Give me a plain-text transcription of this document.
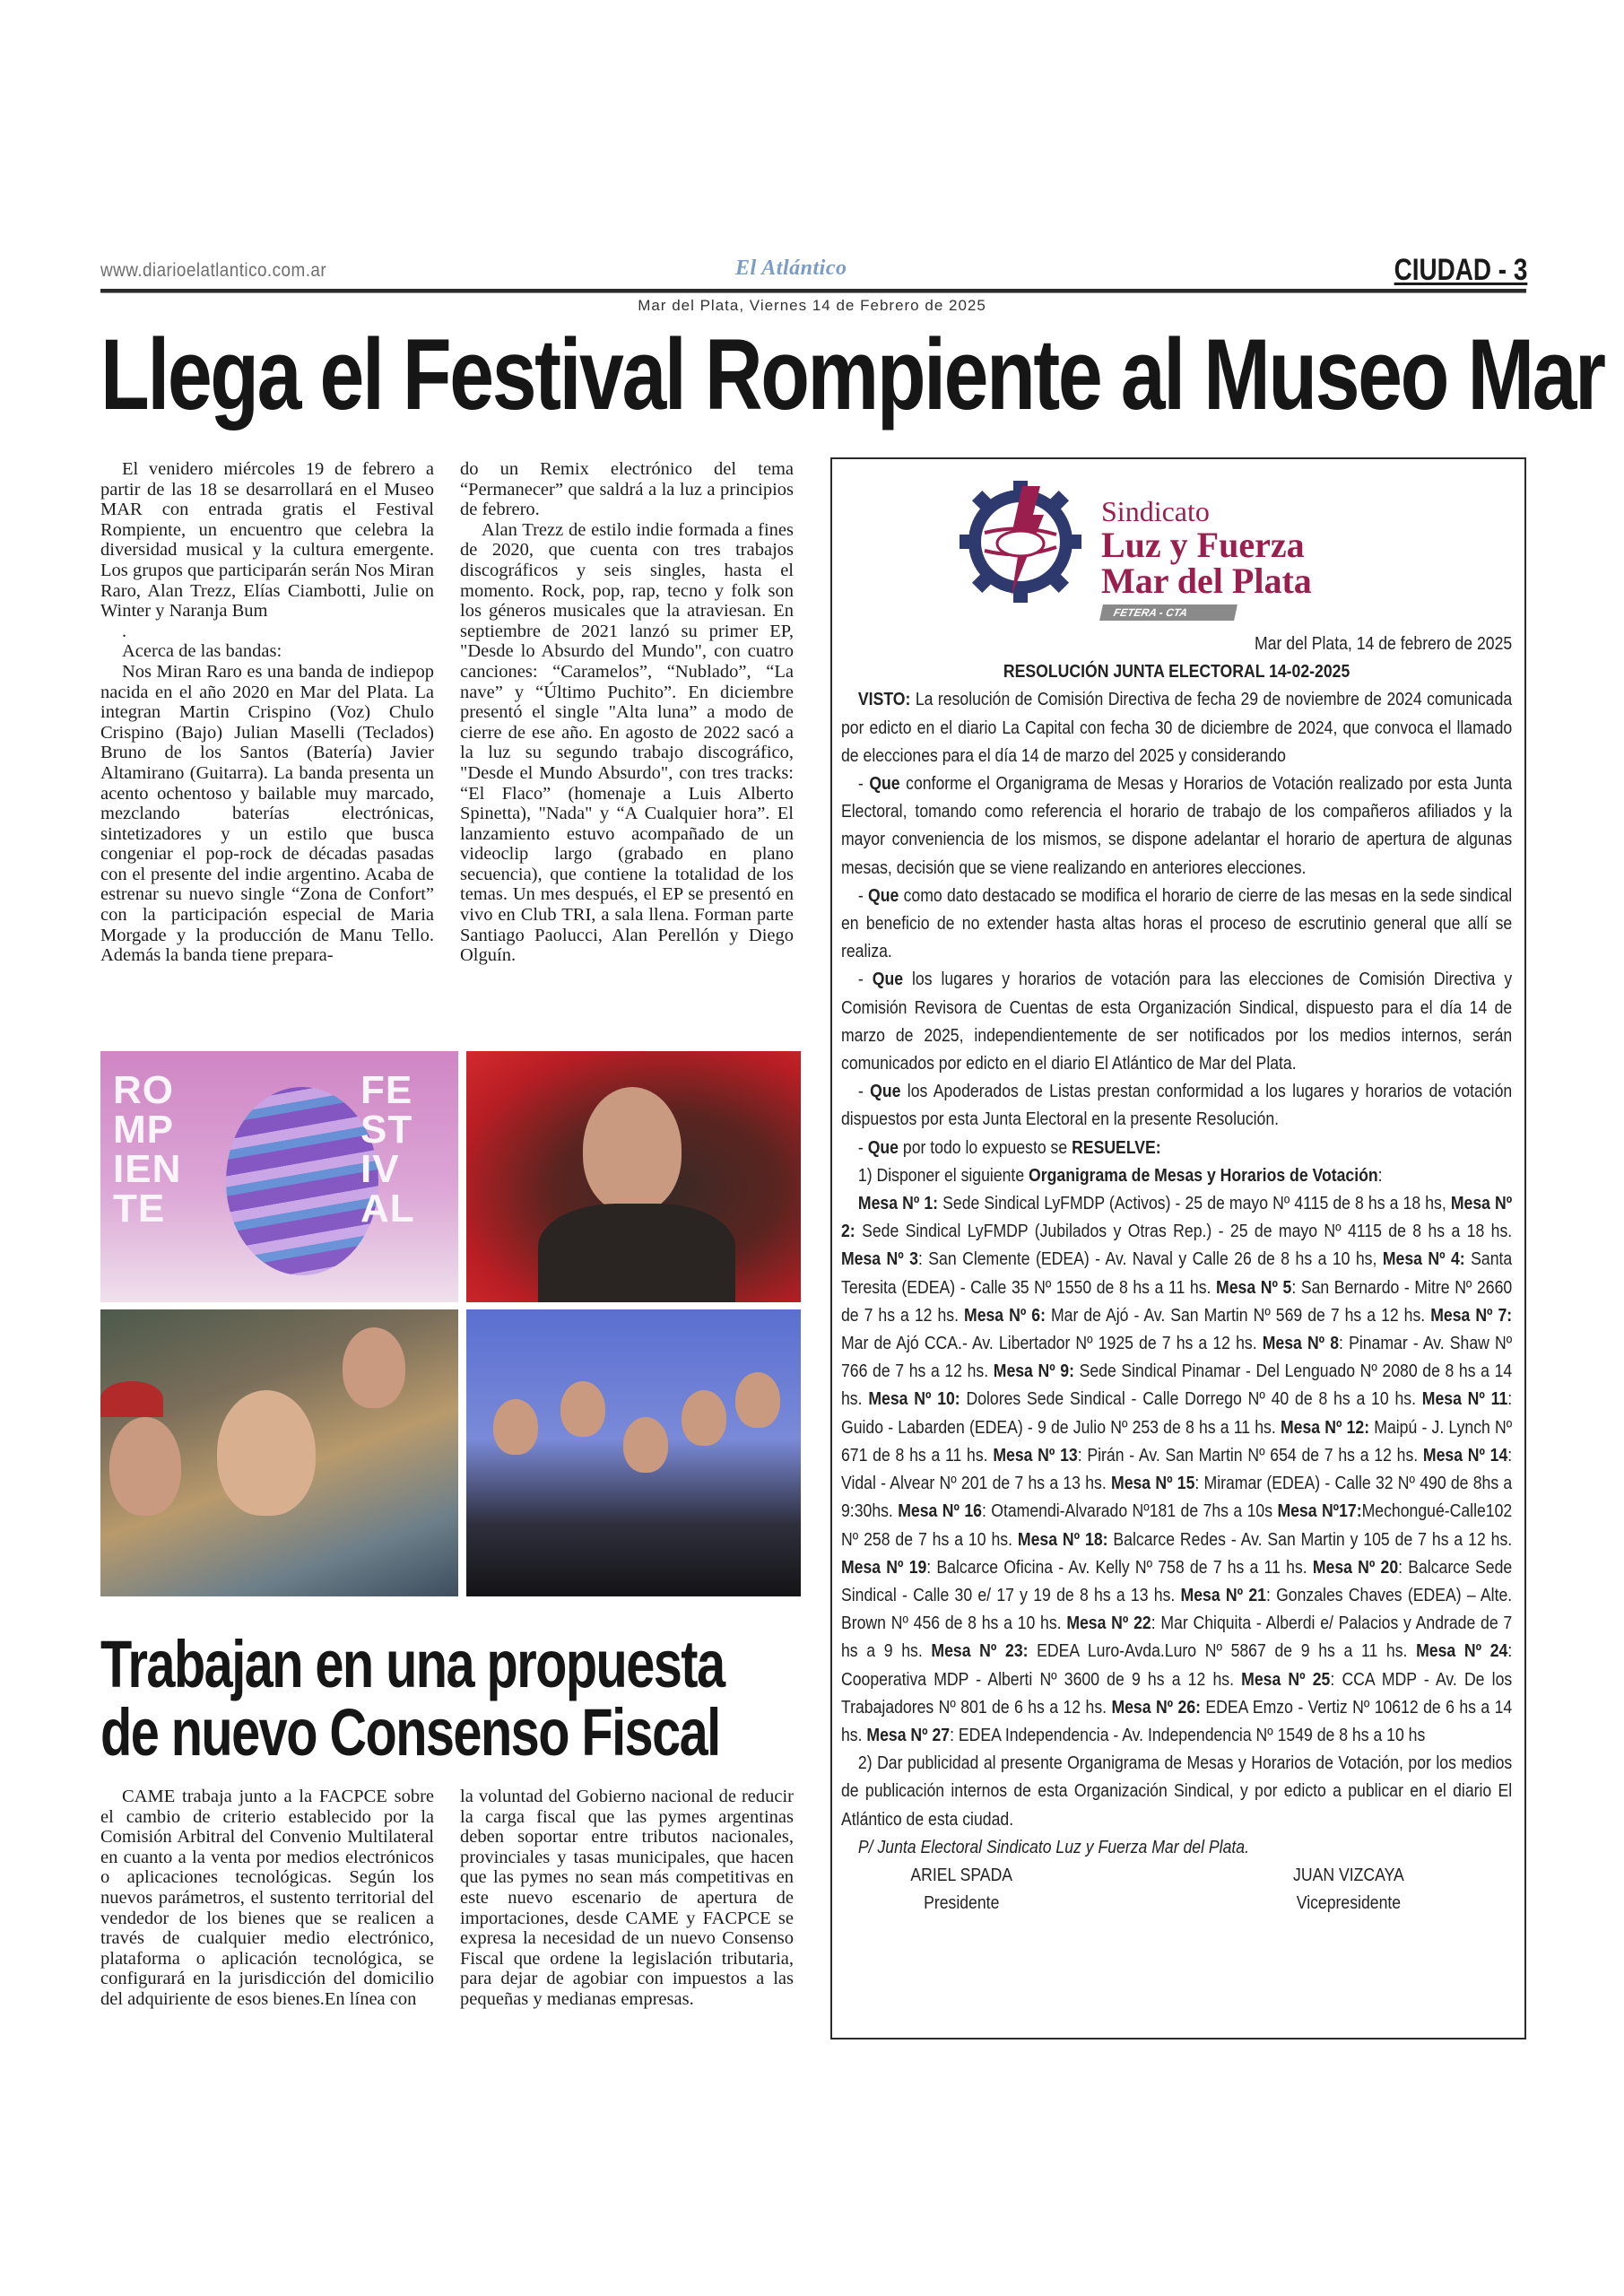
www.diarioelatlantico.com.ar	El Atlántico	CIUDAD - 3
Mar del Plata, Viernes 14 de Febrero de 2025
Llega el Festival Rompiente al Museo Mar

El venidero miércoles 19 de febrero a partir de las 18 se desarrollará en el Museo MAR con entrada gratis el Festival Rompiente, un encuentro que celebra la diversidad musical y la cultura emergente. Los grupos que participarán serán Nos Miran Raro, Alan Trezz, Elías Ciambotti, Julie on Winter y Naranja Bum

.

Acerca de las bandas:

Nos Miran Raro es una banda de indiepop nacida en el año 2020 en Mar del Plata. La integran Martin Crispino (Voz) Chulo Crispino (Bajo) Julian Maselli (Teclados) Bruno de los Santos (Batería) Javier Altamirano (Guitarra). La banda presenta un acento ochentoso y bailable muy marcado, mezclando baterías electrónicas, sintetizadores y un estilo que busca congeniar el pop-rock de décadas pasadas con el presente del indie argentino. Acaba de estrenar su nuevo single “Zona de Confort” con la participación especial de Maria Morgade y la producción de Manu Tello. Además la banda tiene prepara-

do un Remix electrónico del tema “Permanecer” que saldrá a la luz a principios de febrero.

Alan Trezz de estilo indie formada a fines de 2020, que cuenta con tres trabajos discográficos y seis singles, hasta el momento. Rock, pop, rap, tecno y folk son los géneros musicales que la atraviesan. En septiembre de 2021 lanzó su primer EP, "Desde lo Absurdo del Mundo", con cuatro canciones: “Caramelos”, “Nublado”, “La nave” y “Último Puchito”. En diciembre presentó el single "Alta luna” a modo de cierre de ese año. En agosto de 2022 sacó a la luz su segundo trabajo discográfico, "Desde el Mundo Absurdo", con tres tracks: “El Flaco” (homenaje a Luis Alberto Spinetta), "Nada" y “A Cualquier hora”. El lanzamiento estuvo acompañado de un videoclip largo (grabado en plano secuencia), que contiene la totalidad de los temas. Un mes después, el EP se presentó en vivo en Club TRI, a sala llena. Forman parte Santiago Paolucci, Alan Perellón y Diego Olguín.

RO
MP
IEN
TE
FE
ST
IV
AL
Trabajan en una propuesta
de nuevo Consenso Fiscal

CAME trabaja junto a la FACPCE sobre el cambio de criterio establecido por la Comisión Arbitral del Convenio Multilateral en cuanto a la venta por medios electrónicos o aplicaciones tecnológicas. Según los nuevos parámetros, el sustento territorial del vendedor de los bienes que se realicen a través de cualquier medio electrónico, plataforma o aplicación tecnológica, se configurará en la jurisdicción del domicilio del adquiriente de esos bienes.En línea con

la voluntad del Gobierno nacional de reducir la carga fiscal que las pymes argentinas deben soportar entre tributos nacionales, provinciales y tasas municipales, que hacen que las pymes no sean más competitivas en este nuevo escenario de apertura de importaciones, desde CAME y FACPCE se expresa la necesidad de un nuevo Consenso Fiscal que ordene la legislación tributaria, para dejar de agobiar con impuestos a las pequeñas y medianas empresas.

Sindicato
Luz y Fuerza
Mar del Plata
FETERA - CTA

Mar del Plata, 14 de febrero de 2025

RESOLUCIÓN JUNTA ELECTORAL 14-02-2025

VISTO: La resolución de Comisión Directiva de fecha 29 de noviembre de 2024 comunicada por edicto en el diario La Capital con fecha 30 de diciembre de 2024, que convoca el llamado de elecciones para el día 14 de marzo del 2025 y considerando

- Que conforme el Organigrama de Mesas y Horarios de Votación realizado por esta Junta Electoral, tomando como referencia el horario de trabajo de los compañeros afiliados y la mayor conveniencia de los mismos, se dispone adelantar el horario de apertura de algunas mesas, decisión que se viene realizando en anteriores elecciones.

- Que como dato destacado se modifica el horario de cierre de las mesas en la sede sindical en beneficio de no extender hasta altas horas el proceso de escrutinio general que allí se realiza.

- Que los lugares y horarios de votación para las elecciones de Comisión Directiva y Comisión Revisora de Cuentas de esta Organización Sindical, dispuesto para el día 14 de marzo de 2025, independientemente de ser notificados por los medios internos, serán comunicados por edicto en el diario El Atlántico de Mar del Plata.

- Que los Apoderados de Listas prestan conformidad a los lugares y horarios de votación dispuestos por esta Junta Electoral en la presente Resolución.

- Que por todo lo expuesto se RESUELVE:

1) Disponer el siguiente Organigrama de Mesas y Horarios de Votación:

Mesa Nº 1: Sede Sindical LyFMDP (Activos) - 25 de mayo Nº 4115 de 8 hs a 18 hs, Mesa Nº 2: Sede Sindical LyFMDP (Jubilados y Otras Rep.) - 25 de mayo Nº 4115 de 8 hs a 18 hs. Mesa Nº 3: San Clemente (EDEA) - Av. Naval y Calle 26 de 8 hs a 10 hs, Mesa Nº 4: Santa Teresita (EDEA) - Calle 35 Nº 1550 de 8 hs a 11 hs. Mesa Nº 5: San Bernardo - Mitre Nº 2660 de 7 hs a 12 hs. Mesa Nº 6: Mar de Ajó - Av. San Martin Nº 569 de 7 hs a 12 hs. Mesa Nº 7: Mar de Ajó CCA.- Av. Libertador Nº 1925 de 7 hs a 12 hs. Mesa Nº 8: Pinamar - Av. Shaw Nº 766 de 7 hs a 12 hs. Mesa Nº 9: Sede Sindical Pinamar - Del Lenguado Nº 2080 de 8 hs a 14 hs. Mesa Nº 10: Dolores Sede Sindical - Calle Dorrego Nº 40 de 8 hs a 10 hs. Mesa Nº 11: Guido - Labarden (EDEA) - 9 de Julio Nº 253 de 8 hs a 11 hs. Mesa Nº 12: Maipú - J. Lynch Nº 671 de 8 hs a 11 hs. Mesa Nº 13: Pirán - Av. San Martin Nº 654 de 7 hs a 12 hs. Mesa Nº 14: Vidal - Alvear Nº 201 de 7 hs a 13 hs. Mesa Nº 15: Miramar (EDEA) - Calle 32 Nº 490 de 8hs a 9:30hs. Mesa Nº 16: Otamendi-Alvarado Nº181 de 7hs a 10s Mesa Nº17:Mechongué-Calle102 Nº 258 de 7 hs a 10 hs. Mesa Nº 18: Balcarce Redes - Av. San Martin y 105 de 7 hs a 12 hs. Mesa Nº 19: Balcarce Oficina - Av. Kelly Nº 758 de 7 hs a 11 hs. Mesa Nº 20: Balcarce Sede Sindical - Calle 30 e/ 17 y 19 de 8 hs a 13 hs. Mesa Nº 21: Gonzales Chaves (EDEA) – Alte. Brown Nº 456 de 8 hs a 10 hs. Mesa Nº 22: Mar Chiquita - Alberdi e/ Palacios y Andrade de 7 hs a 9 hs. Mesa Nº 23: EDEA Luro-Avda.Luro Nº 5867 de 9 hs a 11 hs. Mesa Nº 24: Cooperativa MDP - Alberti Nº 3600 de 9 hs a 12 hs. Mesa Nº 25: CCA MDP - Av. De los Trabajadores Nº 801 de 6 hs a 12 hs. Mesa Nº 26: EDEA Emzo - Vertiz Nº 10612 de 6 hs a 14 hs. Mesa Nº 27: EDEA Independencia - Av. Independencia Nº 1549 de 8 hs a 10 hs

2) Dar publicidad al presente Organigrama de Mesas y Horarios de Votación, por los medios de publicación internos de esta Organización Sindical, y por edicto a publicar en el diario El Atlántico de esta ciudad.

P/ Junta Electoral Sindicato Luz y Fuerza Mar del Plata.

ARIEL SPADA
Presidente
JUAN VIZCAYA
Vicepresidente
